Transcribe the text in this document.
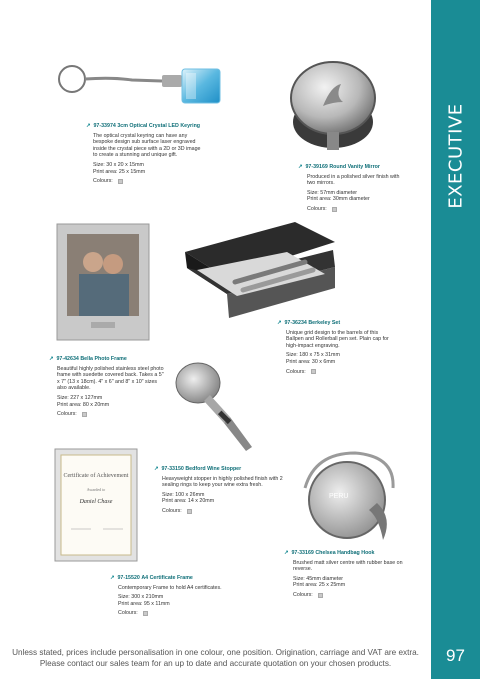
EXECUTIVE
97
Certificate of Achievement
Awarded to
Daniel Chase
PERU
↗ 97-33974 3cm Optical Crystal LED Keyring
The optical crystal keyring can have any bespoke design sub surface laser engraved inside the crystal piece with a 2D or 3D image to create a stunning and unique gift.
Size: 30 x 20 x 15mm
Print area: 25 x 15mm
Colours:
↗ 97-39169 Round Vanity Mirror
Produced in a polished silver finish with two mirrors.
Size: 57mm diameter
Print area: 30mm diameter
Colours:
↗ 97-36234 Berkeley Set
Unique grid design to the barrels of this Ballpen and Rollerball pen set. Plain cap for high-impact engraving.
Size: 180 x 75 x 31mm
Print area: 30 x 6mm
Colours:
↗ 97-42634 Bella Photo Frame
Beautiful highly polished stainless steel photo frame with suedette covered back. Takes a 5" x 7" (13 x 18cm). 4" x 6" and 8" x 10" sizes also available.
Size: 227 x 127mm
Print area: 80 x 20mm
Colours:
↗ 97-33150 Bedford Wine Stopper
Heavyweight stopper in highly polished finish with 2 sealing rings to keep your wine extra fresh.
Size: 100 x 26mm
Print area: 14 x 20mm
Colours:
↗ 97-33169 Chelsea Handbag Hook
Brushed matt silver centre with rubber base on reverse.
Size: 45mm diameter
Print area: 25 x 25mm
Colours:
↗ 97-15520 A4 Certificate Frame
Contemporary Frame to hold A4 certificates.
Size: 300 x 210mm
Print area: 95 x 11mm
Colours:
Unless stated, prices include personalisation in one colour, one position. Origination, carriage and VAT are extra.
Please contact our sales team for an up to date and accurate quotation on your chosen products.
